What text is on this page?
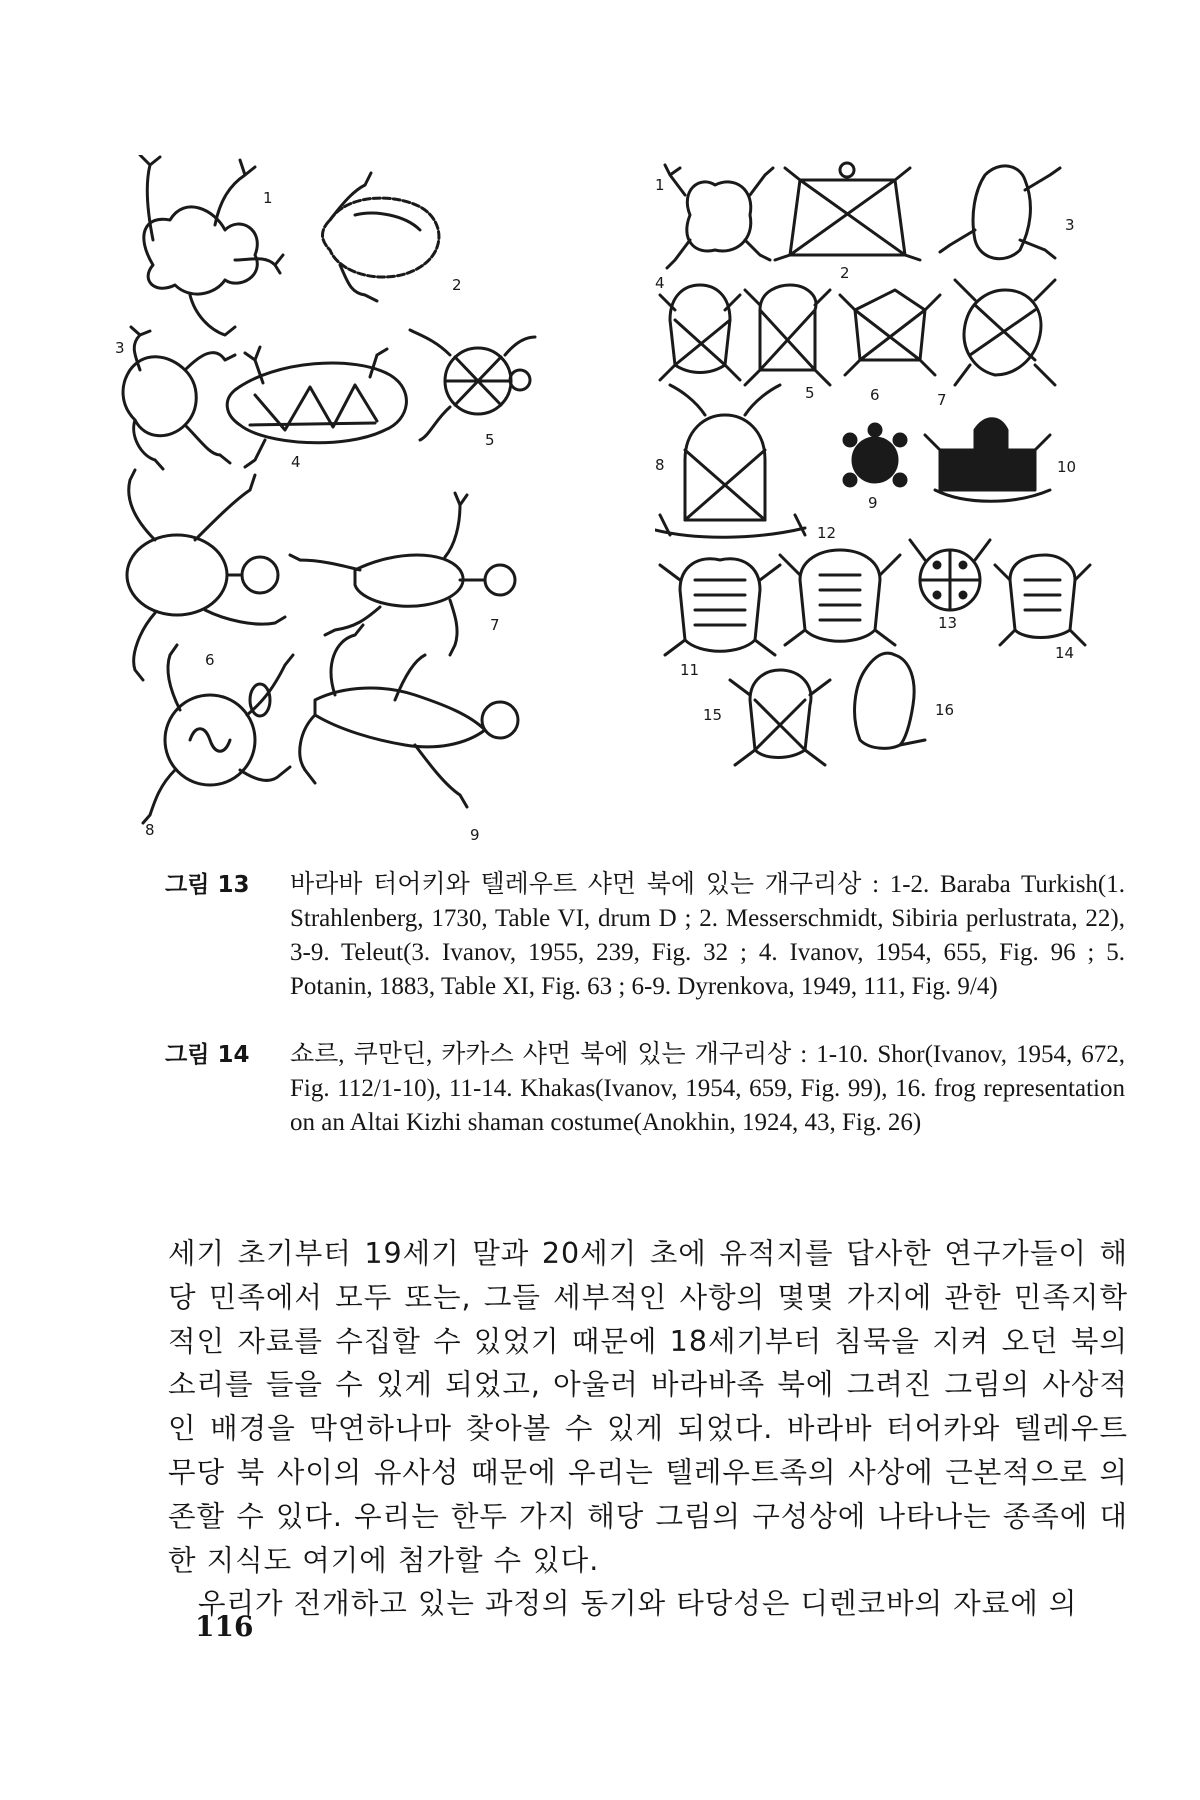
1
2
3
4
5
6
7
8	9
1
2
3
4
5	6	7
8
9
10
11
12
13
14
15	16
그림 13	바라바 터어키와 텔레우트 샤먼 북에 있는 개구리상 : 1-2. Baraba Turkish(1. Strahlenberg, 1730, Table VI, drum D ; 2. Messerschmidt, Sibiria perlustrata, 22), 3-9. Teleut(3. Ivanov, 1955, 239, Fig. 32 ; 4. Ivanov, 1954, 655, Fig. 96 ; 5. Potanin, 1883, Table XI, Fig. 63 ; 6-9. Dyrenkova, 1949, 111, Fig. 9/4)
그림 14	쇼르, 쿠만딘, 카카스 샤먼 북에 있는 개구리상 : 1-10. Shor(Ivanov, 1954, 672, Fig. 112/1-10), 11-14. Khakas(Ivanov, 1954, 659, Fig. 99), 16. frog representation on an Altai Kizhi shaman costume(Anokhin, 1924, 43, Fig. 26)

세기 초기부터 19세기 말과 20세기 초에 유적지를 답사한 연구가들이 해당 민족에서 모두 또는, 그들 세부적인 사항의 몇몇 가지에 관한 민족지학적인 자료를 수집할 수 있었기 때문에 18세기부터 침묵을 지켜 오던 북의 소리를 들을 수 있게 되었고, 아울러 바라바족 북에 그려진 그림의 사상적인 배경을 막연하나마 찾아볼 수 있게 되었다. 바라바 터어카와 텔레우트 무당 북 사이의 유사성 때문에 우리는 텔레우트족의 사상에 근본적으로 의존할 수 있다. 우리는 한두 가지 해당 그림의 구성상에 나타나는 종족에 대한 지식도 여기에 첨가할 수 있다.

우리가 전개하고 있는 과정의 동기와 타당성은 디렌코바의 자료에 의

116
